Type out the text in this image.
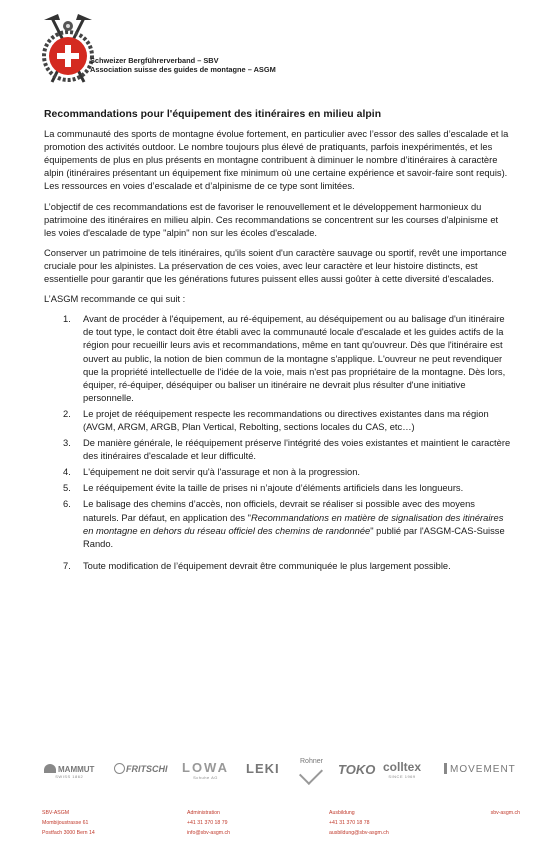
Schweizer Bergführerverband – SBV
Association suisse des guides de montagne – ASGM
Recommandations pour l'équipement des itinéraires en milieu alpin

La communauté des sports de montagne évolue fortement, en particulier avec l’essor des salles d’escalade et la promotion des activités outdoor. Le nombre toujours plus élevé de pratiquants, parfois inexpérimentés, et les équipements de plus en plus présents en montagne contribuent à diminuer le nombre d’itinéraires à caractère alpin (itinéraires présentant un équipement fixe minimum où une certaine expérience et savoir-faire sont requis). Les ressources en voies d’escalade et d’alpinisme de ce type sont limitées.

L’objectif de ces recommandations est de favoriser le renouvellement et le développement harmonieux du patrimoine des itinéraires en milieu alpin. Ces recommandations se concentrent sur les courses d'alpinisme et les voies d'escalade de type "alpin" non sur les écoles d'escalade.

Conserver un patrimoine de tels itinéraires, qu'ils soient d'un caractère sauvage ou sportif, revêt une importance cruciale pour les alpinistes. La préservation de ces voies, avec leur caractère et leur histoire distincts, est essentielle pour garantir que les générations futures puissent elles aussi goûter à cette diversité d'escalades.

L’ASGM recommande ce qui suit :

1. Avant de procéder à l'équipement, au ré-équipement, au déséquipement ou au balisage d'un itinéraire de tout type, le contact doit être établi avec la communauté locale d'escalade et les guides actifs de la région pour recueillir leurs avis et recommandations, même en tant qu'ouvreur. Dès que l'itinéraire est ouvert au public, la notion de bien commun de la montagne s'applique. L'ouvreur ne peut revendiquer que la propriété intellectuelle de l'idée de la voie, mais n'est pas propriétaire de la montagne. Dès lors, équiper, ré-équiper, déséquiper ou baliser un itinéraire ne devrait plus résulter d'une initiative personnelle.
2. Le projet de rééquipement respecte les recommandations ou directives existantes dans ma région (AVGM, ARGM, ARGB, Plan Vertical, Rebolting, sections locales du CAS, etc…)
3. De manière générale, le rééquipement préserve l'intégrité des voies existantes et maintient le caractère des itinéraires d'escalade et leur difficulté.
4. L'équipement ne doit servir qu'à l'assurage et non à la progression.
5. Le rééquipement évite la taille de prises ni n’ajoute d’éléments artificiels dans les longueurs.
6. Le balisage des chemins d’accès, non officiels, devrait se réaliser si possible avec des moyens naturels. Par défaut, en application des "Recommandations en matière de signalisation des itinéraires en montagne en dehors du réseau officiel des chemins de randonnée" publié par l'ASGM-CAS-Suisse Rando.
7. Toute modification de l’équipement devrait être communiquée le plus largement possible.
MAMMUT
SWISS 1862
FRITSCHI LOWA
Schuhe AG
LEKI	Rohner
TOKO colltex
SINCE 1969
MOVEMENT
SBV-ASGM
Mombijoustrasse 61
Postfach 3000 Bern 14
Administration
+41 31 370 18 79
info@sbv-asgm.ch
Ausbildung
+41 31 370 18 78
ausbildung@sbv-asgm.ch
sbv-asgm.ch
